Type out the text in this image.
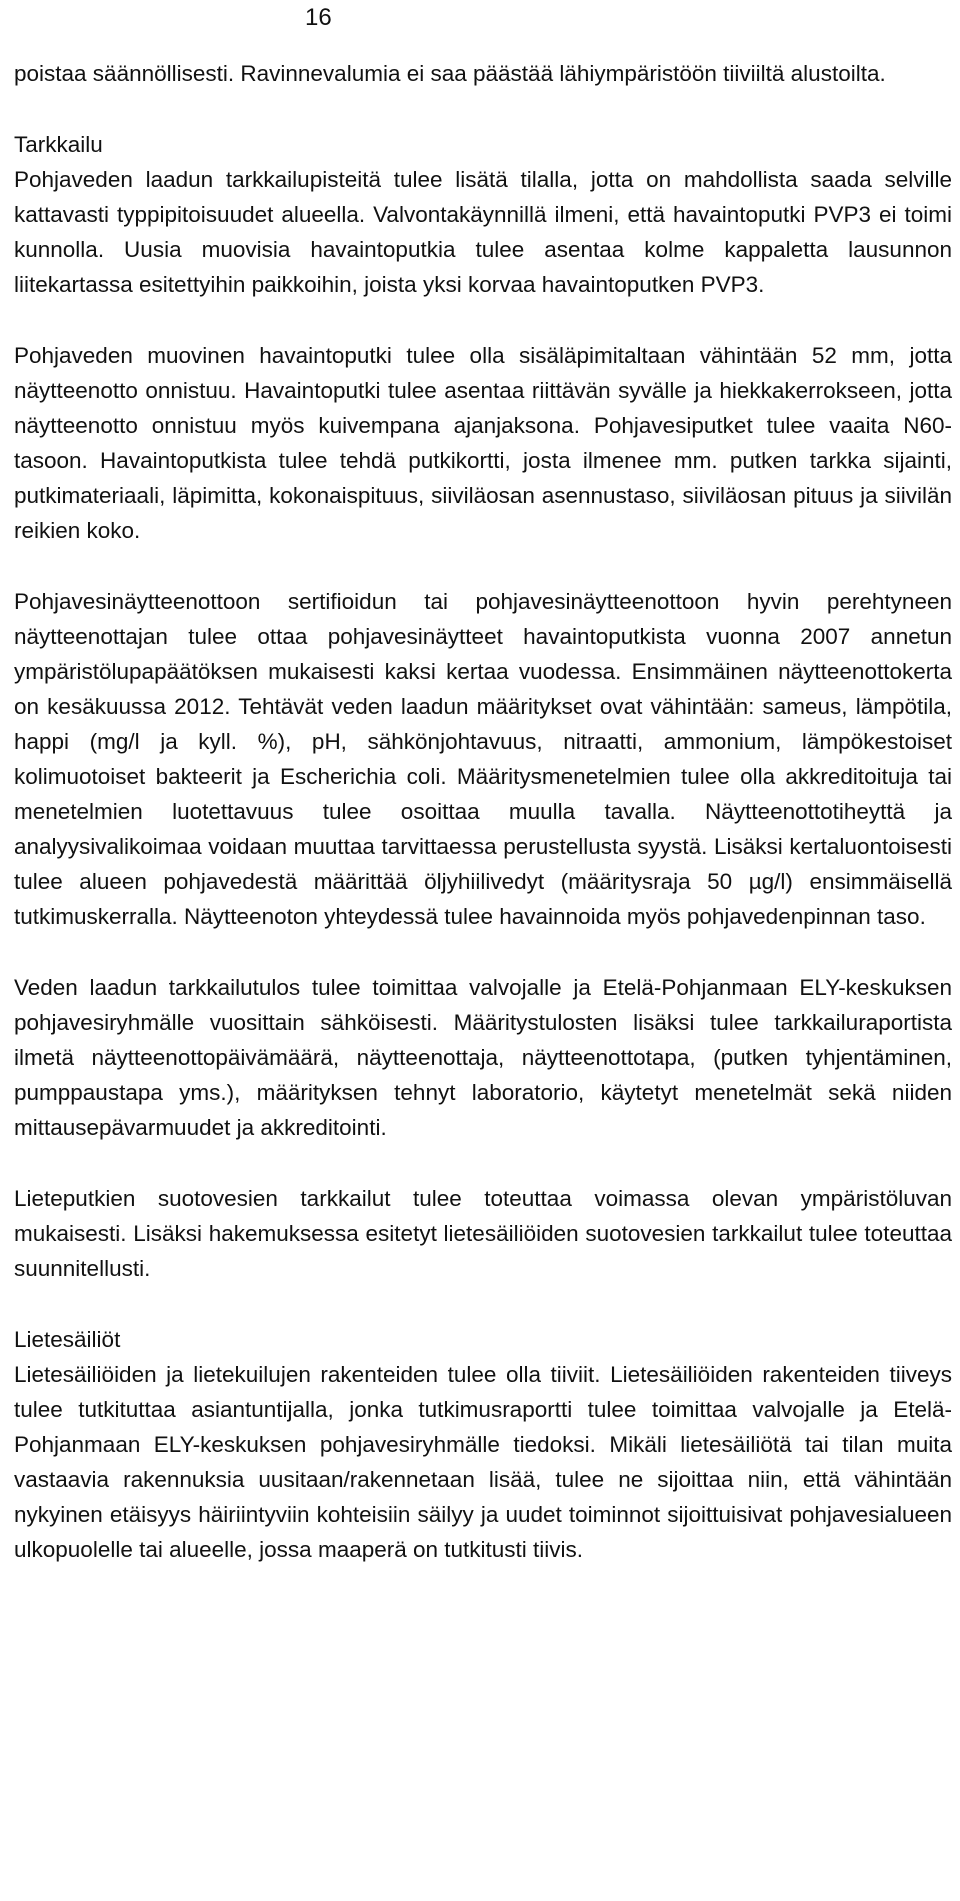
16

poistaa säännöllisesti. Ravinnevalumia ei saa päästää lähiympäristöön tiiviiltä alustoilta.

Tarkkailu

Pohjaveden laadun tarkkailupisteitä tulee lisätä tilalla, jotta on mahdollista saada selville kattavasti typpipitoisuudet alueella. Valvontakäynnillä ilmeni, että havaintoputki PVP3 ei toimi kunnolla. Uusia muovisia havaintoputkia tulee asentaa kolme kappaletta lausunnon liitekartassa esitettyihin paikkoihin, joista yksi korvaa havaintoputken PVP3.

Pohjaveden muovinen havaintoputki tulee olla sisäläpimitaltaan vähintään 52 mm, jotta näytteenotto onnistuu. Havaintoputki tulee asentaa riittävän syvälle ja hiekkakerrokseen, jotta näytteenotto onnistuu myös kuivempana ajanjaksona. Pohjavesiputket tulee vaaita N60-tasoon. Havaintoputkista tulee tehdä putkikortti, josta ilmenee mm. putken tarkka sijainti, putkimateriaali, läpimitta, kokonaispituus, siiviläosan asennustaso, siiviläosan pituus ja siivilän reikien koko.

Pohjavesinäytteenottoon sertifioidun tai pohjavesinäytteenottoon hyvin perehtyneen näytteenottajan tulee ottaa pohjavesinäytteet havaintoputkista vuonna 2007 annetun ympäristölupapäätöksen mukaisesti kaksi kertaa vuodessa. Ensimmäinen näytteenottokerta on kesäkuussa 2012. Tehtävät veden laadun määritykset ovat vähintään: sameus, lämpötila, happi (mg/l ja kyll. %), pH, sähkönjohtavuus, nitraatti, ammonium, lämpökestoiset kolimuotoiset bakteerit ja Escherichia coli. Määritysmenetelmien tulee olla akkreditoituja tai menetelmien luotettavuus tulee osoittaa muulla tavalla. Näytteenottotiheyttä ja analyysivalikoimaa voidaan muuttaa tarvittaessa perustellusta syystä. Lisäksi kertaluontoisesti tulee alueen pohjavedestä määrittää öljyhiilivedyt (määritysraja 50 µg/l) ensimmäisellä tutkimuskerralla. Näytteenoton yhteydessä tulee havainnoida myös pohjavedenpinnan taso.

Veden laadun tarkkailutulos tulee toimittaa valvojalle ja Etelä-Pohjanmaan ELY-keskuksen pohjavesiryhmälle vuosittain sähköisesti. Määritystulosten lisäksi tulee tarkkailuraportista ilmetä näytteenottopäivämäärä, näytteenottaja, näytteenottotapa, (putken tyhjentäminen, pumppaustapa yms.), määrityksen tehnyt laboratorio, käytetyt menetelmät sekä niiden mittausepävarmuudet ja akkreditointi.

Lieteputkien suotovesien tarkkailut tulee toteuttaa voimassa olevan ympäristöluvan mukaisesti. Lisäksi hakemuksessa esitetyt lietesäiliöiden suotovesien tarkkailut tulee toteuttaa suunnitellusti.

Lietesäiliöt

Lietesäiliöiden ja lietekuilujen rakenteiden tulee olla tiiviit. Lietesäiliöiden rakenteiden tiiveys tulee tutkituttaa asiantuntijalla, jonka tutkimusraportti tulee toimittaa valvojalle ja Etelä-Pohjanmaan ELY-keskuksen pohjavesiryhmälle tiedoksi. Mikäli lietesäiliötä tai tilan muita vastaavia rakennuksia uusitaan/rakennetaan lisää, tulee ne sijoittaa niin, että vähintään nykyinen etäisyys häiriintyviin kohteisiin säilyy ja uudet toiminnot sijoittuisivat pohjavesialueen ulkopuolelle tai alueelle, jossa maaperä on tutkitusti tiivis.
